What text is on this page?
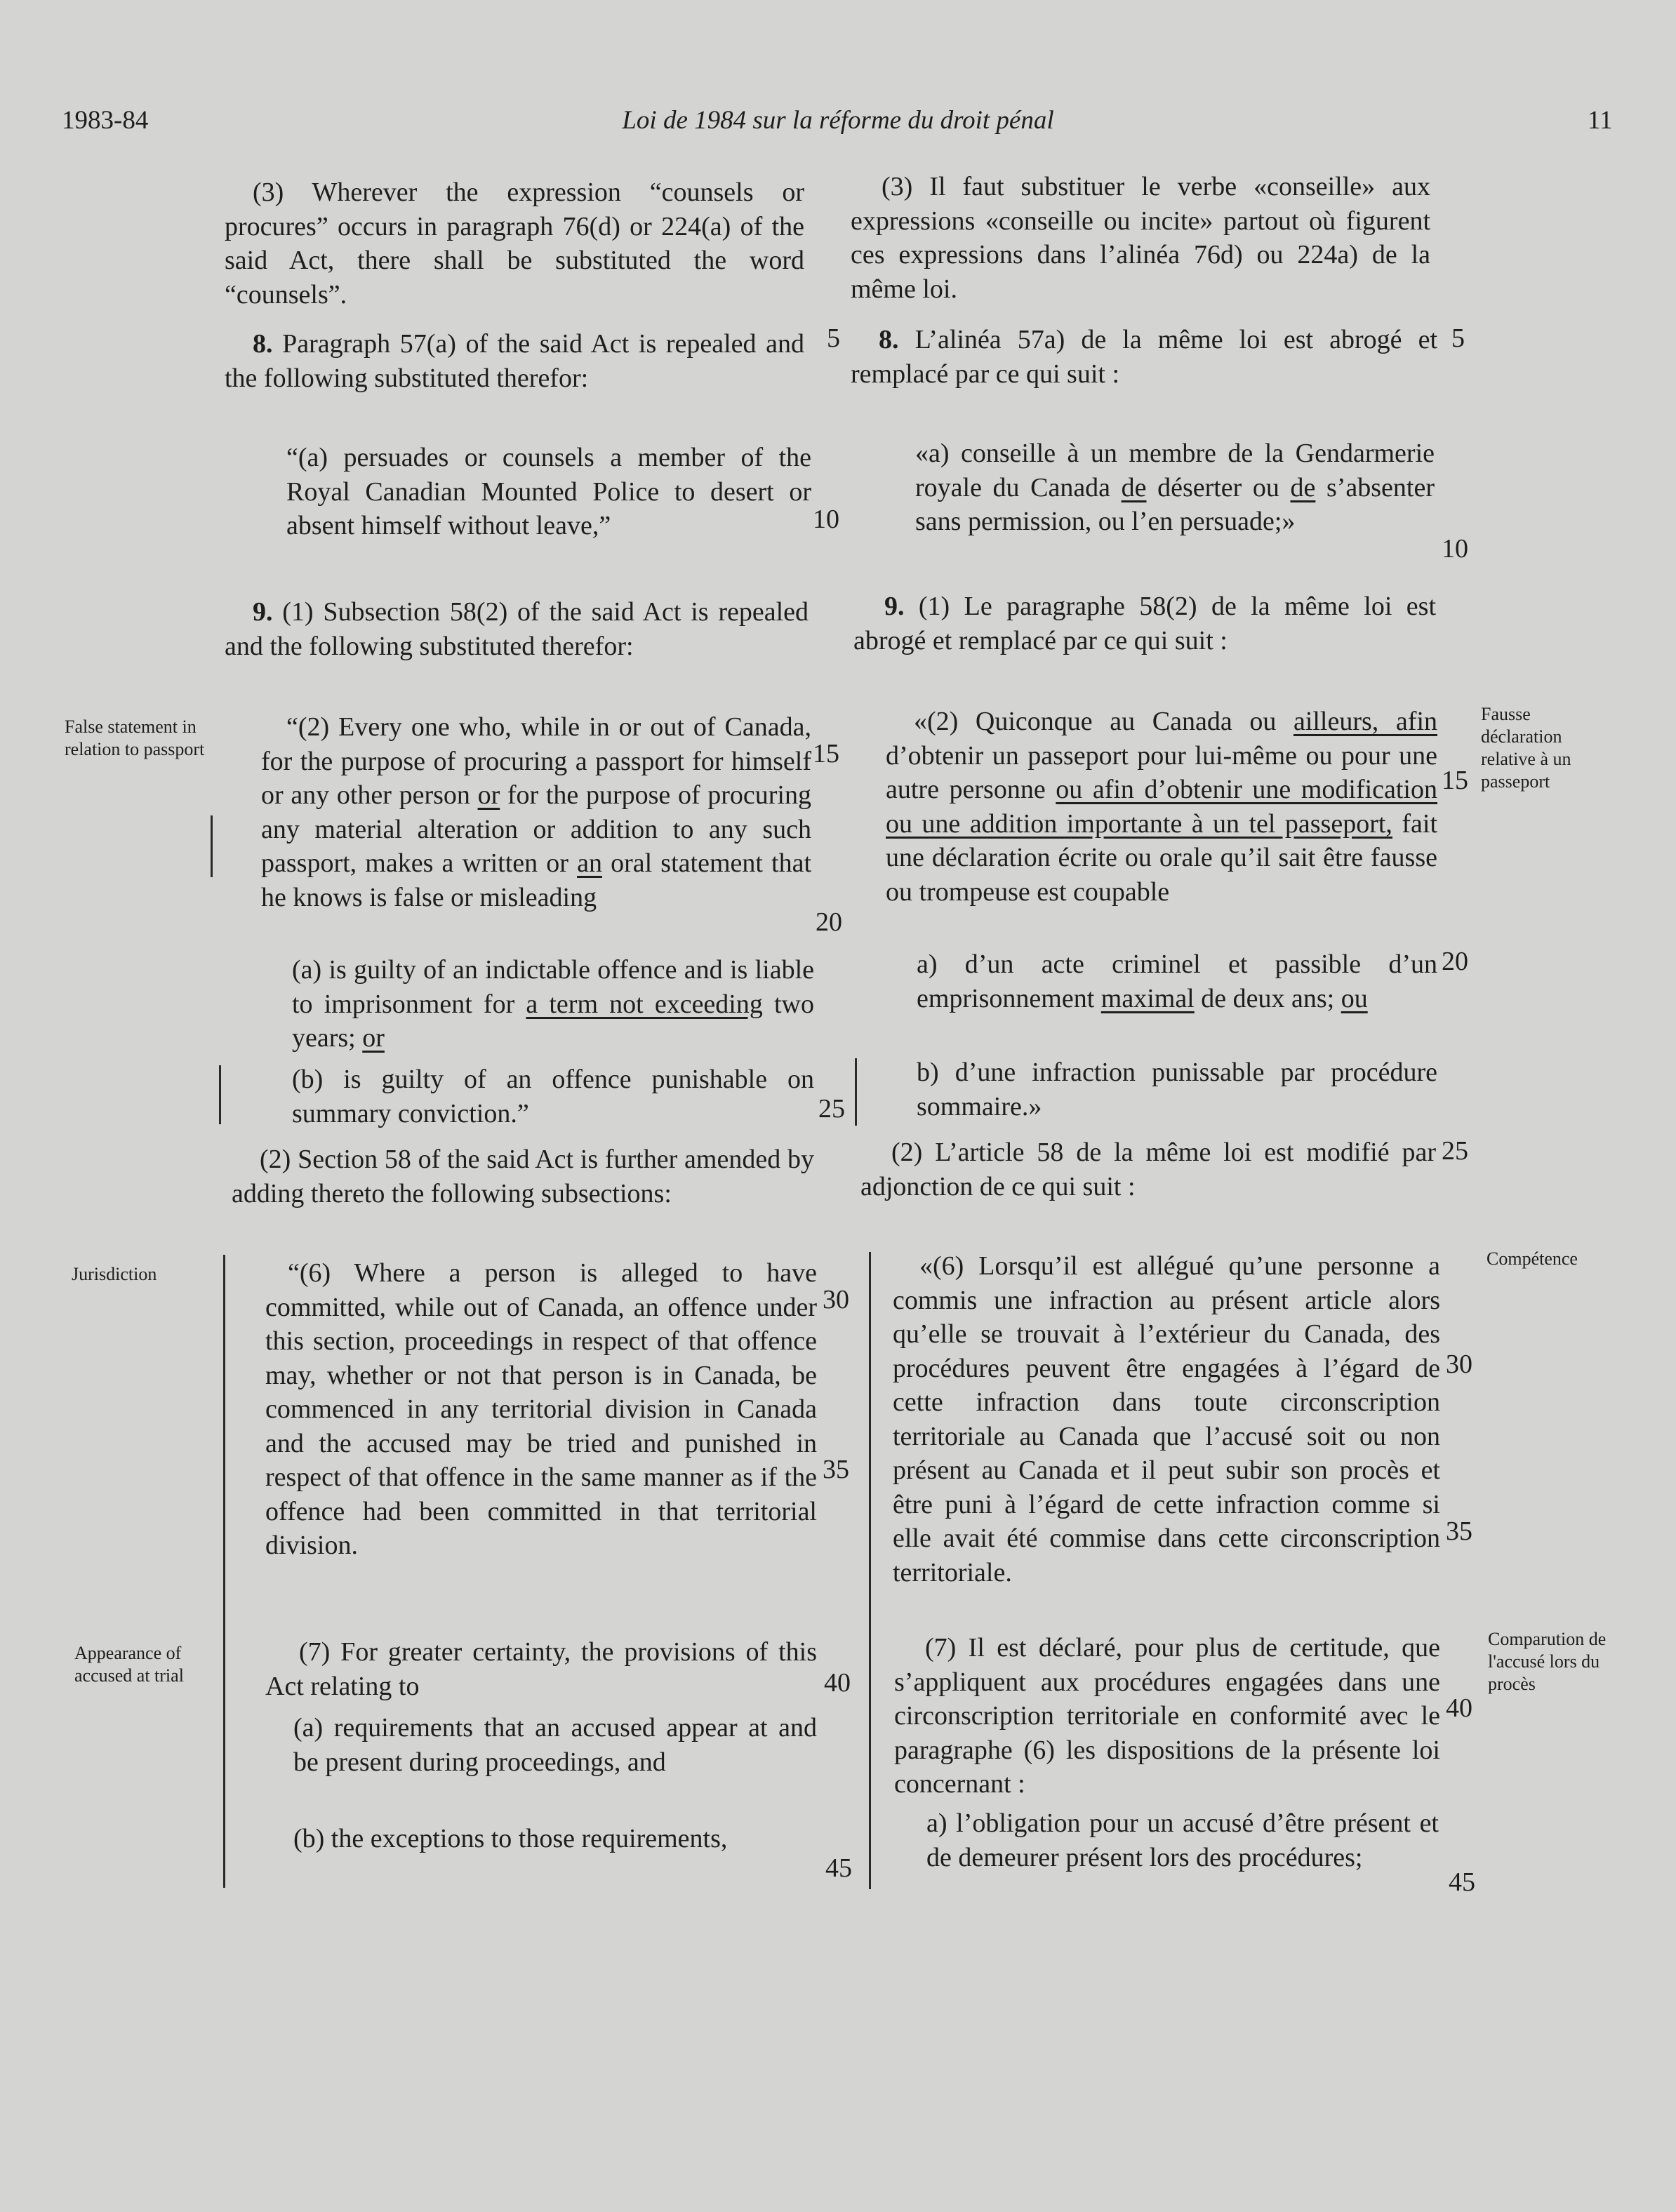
1983-84	Loi de 1984 sur la réforme du droit pénal	11
False statement in relation to passport
Jurisdiction
Appearance of accused at trial
Fausse déclaration relative à un passeport
Compétence
Comparution de l'accusé lors du procès
5
10
15
20
25
30
35
40
45
5
10
15
20
25
30
35
40
45

(3) Wherever the expression “counsels or procures” occurs in paragraph 76(d) or 224(a) of the said Act, there shall be substituted the word “counsels”.

8. Paragraph 57(a) of the said Act is repealed and the following substituted therefor:

“(a) persuades or counsels a member of the Royal Canadian Mounted Police to desert or absent himself without leave,”

9. (1) Subsection 58(2) of the said Act is repealed and the following substituted therefor:

“(2) Every one who, while in or out of Canada, for the purpose of procuring a passport for himself or any other person or for the purpose of procuring any material alteration or addition to any such passport, makes a written or an oral statement that he knows is false or misleading

(a) is guilty of an indictable offence and is liable to imprisonment for a term not exceeding two years; or

(b) is guilty of an offence punishable on summary conviction.”

(2) Section 58 of the said Act is further amended by adding thereto the following subsections:

“(6) Where a person is alleged to have committed, while out of Canada, an offence under this section, proceedings in respect of that offence may, whether or not that person is in Canada, be commenced in any territorial division in Canada and the accused may be tried and punished in respect of that offence in the same manner as if the offence had been committed in that territorial division.

(7) For greater certainty, the provisions of this Act relating to

(a) requirements that an accused appear at and be present during proceedings, and

(b) the exceptions to those requirements,

(3) Il faut substituer le verbe «conseille» aux expressions «conseille ou incite» partout où figurent ces expressions dans l’alinéa 76d) ou 224a) de la même loi.

8. L’alinéa 57a) de la même loi est abrogé et remplacé par ce qui suit :

«a) conseille à un membre de la Gendarmerie royale du Canada de déserter ou de s’absenter sans permission, ou l’en persuade;»

9. (1) Le paragraphe 58(2) de la même loi est abrogé et remplacé par ce qui suit :

«(2) Quiconque au Canada ou ailleurs, afin d’obtenir un passeport pour lui-même ou pour une autre personne ou afin d’obtenir une modification ou une addition importante à un tel passeport, fait une déclaration écrite ou orale qu’il sait être fausse ou trompeuse est coupable

a) d’un acte criminel et passible d’un emprisonnement maximal de deux ans; ou

b) d’une infraction punissable par procédure sommaire.»

(2) L’article 58 de la même loi est modifié par adjonction de ce qui suit :

«(6) Lorsqu’il est allégué qu’une personne a commis une infraction au présent article alors qu’elle se trouvait à l’extérieur du Canada, des procédures peuvent être engagées à l’égard de cette infraction dans toute circonscription territoriale au Canada que l’accusé soit ou non présent au Canada et il peut subir son procès et être puni à l’égard de cette infraction comme si elle avait été commise dans cette circonscription territoriale.

(7) Il est déclaré, pour plus de certitude, que s’appliquent aux procédures engagées dans une circonscription territoriale en conformité avec le paragraphe (6) les dispositions de la présente loi concernant :

a) l’obligation pour un accusé d’être présent et de demeurer présent lors des procédures;
